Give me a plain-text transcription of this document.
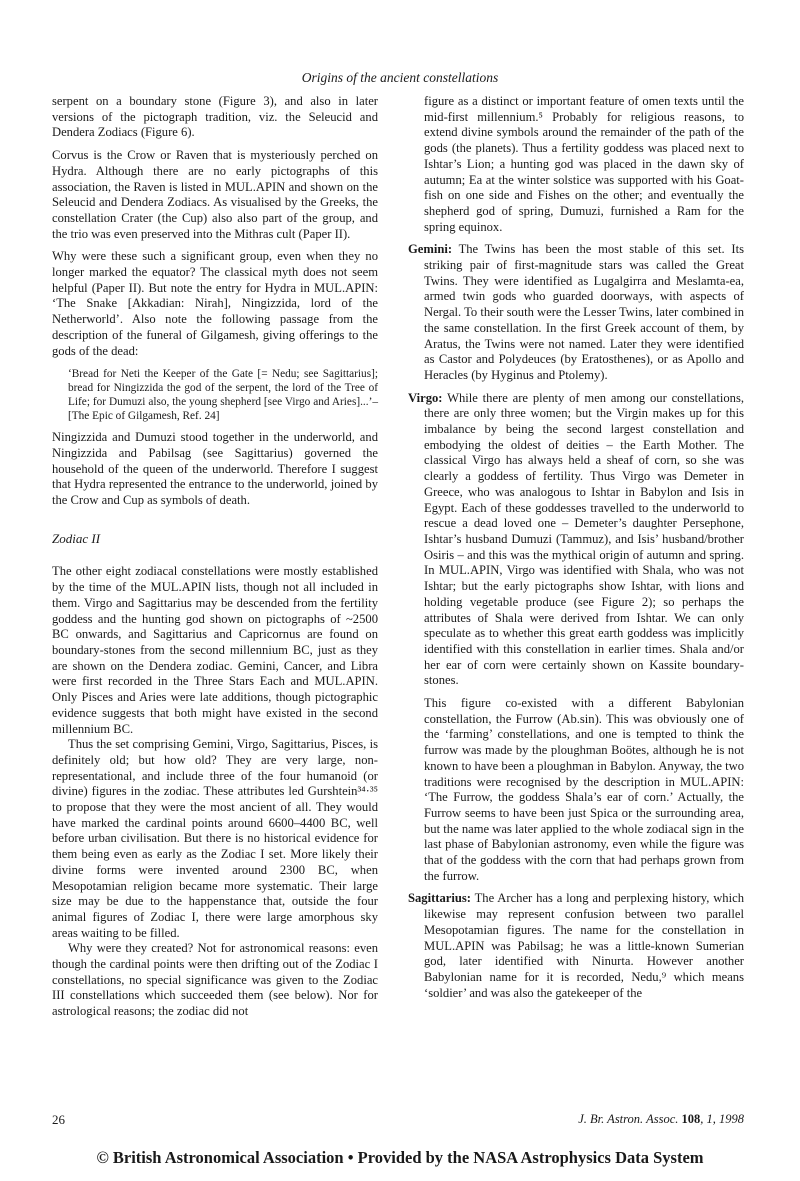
Origins of the ancient constellations

serpent on a boundary stone (Figure 3), and also in later versions of the pictograph tradition, viz. the Seleucid and Dendera Zodiacs (Figure 6).

Corvus is the Crow or Raven that is mysteriously perched on Hydra. Although there are no early pictographs of this association, the Raven is listed in MUL.APIN and shown on the Seleucid and Dendera Zodiacs. As visualised by the Greeks, the constellation Crater (the Cup) also also part of the group, and the trio was even preserved into the Mithras cult (Paper II).

Why were these such a significant group, even when they no longer marked the equator? The classical myth does not seem helpful (Paper II). But note the entry for Hydra in MUL.APIN: ‘The Snake [Akkadian: Nirah], Ningizzida, lord of the Netherworld’. Also note the following passage from the description of the funeral of Gilgamesh, giving offerings to the gods of the dead:

‘Bread for Neti the Keeper of the Gate [= Nedu; see Sagittarius]; bread for Ningizzida the god of the serpent, the lord of the Tree of Life; for Dumuzi also, the young shepherd [see Virgo and Aries]...’–[The Epic of Gilgamesh, Ref. 24]

Ningizzida and Dumuzi stood together in the underworld, and Ningizzida and Pabilsag (see Sagittarius) governed the household of the queen of the underworld. Therefore I suggest that Hydra represented the entrance to the underworld, joined by the Crow and Cup as symbols of death.

Zodiac II

The other eight zodiacal constellations were mostly established by the time of the MUL.APIN lists, though not all included in them. Virgo and Sagittarius may be descended from the fertility goddess and the hunting god shown on pictographs of ~2500 BC onwards, and Sagittarius and Capricornus are found on boundary-stones from the second millennium BC, just as they are shown on the Dendera zodiac. Gemini, Cancer, and Libra were first recorded in the Three Stars Each and MUL.APIN. Only Pisces and Aries were late additions, though pictographic evidence suggests that both might have existed in the second millennium BC.

Thus the set comprising Gemini, Virgo, Sagittarius, Pisces, is definitely old; but how old? They are very large, non-representational, and include three of the four humanoid (or divine) figures in the zodiac. These attributes led Gurshtein³⁴·³⁵ to propose that they were the most ancient of all. They would have marked the cardinal points around 6600–4400 BC, well before urban civilisation. But there is no historical evidence for them being even as early as the Zodiac I set. More likely their divine forms were invented around 2300 BC, when Mesopotamian religion became more systematic. Their large size may be due to the happenstance that, outside the four animal figures of Zodiac I, there were large amorphous sky areas waiting to be filled.

Why were they created? Not for astronomical reasons: even though the cardinal points were then drifting out of the Zodiac I constellations, no special significance was given to the Zodiac III constellations which succeeded them (see below). Nor for astrological reasons; the zodiac did not

figure as a distinct or important feature of omen texts until the mid-first millennium.⁵ Probably for religious reasons, to extend divine symbols around the remainder of the path of the gods (the planets). Thus a fertility goddess was placed next to Ishtar’s Lion; a hunting god was placed in the dawn sky of autumn; Ea at the winter solstice was supported with his Goat-fish on one side and Fishes on the other; and eventually the shepherd god of spring, Dumuzi, furnished a Ram for the spring equinox.

Gemini: The Twins has been the most stable of this set. Its striking pair of first-magnitude stars was called the Great Twins. They were identified as Lugalgirra and Meslamta-ea, armed twin gods who guarded doorways, with aspects of Nergal. To their south were the Lesser Twins, later combined in the same constellation. In the first Greek account of them, by Aratus, the Twins were not named. Later they were identified as Castor and Polydeuces (by Eratosthenes), or as Apollo and Heracles (by Hyginus and Ptolemy).

Virgo: While there are plenty of men among our constellations, there are only three women; but the Virgin makes up for this imbalance by being the second largest constellation and embodying the oldest of deities – the Earth Mother. The classical Virgo has always held a sheaf of corn, so she was clearly a goddess of fertility. Thus Virgo was Demeter in Greece, who was analogous to Ishtar in Babylon and Isis in Egypt. Each of these goddesses travelled to the underworld to rescue a dead loved one – Demeter’s daughter Persephone, Ishtar’s husband Dumuzi (Tammuz), and Isis’ husband/brother Osiris – and this was the mythical origin of autumn and spring. In MUL.APIN, Virgo was identified with Shala, who was not Ishtar; but the early pictographs show Ishtar, with lions and holding vegetable produce (see Figure 2); so perhaps the attributes of Shala were derived from Ishtar. We can only speculate as to whether this great earth goddess was implicitly identified with this constellation in earlier times. Shala and/or her ear of corn were certainly shown on Kassite boundary-stones.

This figure co-existed with a different Babylonian constellation, the Furrow (Ab.sin). This was obviously one of the ‘farming’ constellations, and one is tempted to think the furrow was made by the ploughman Boötes, although he is not known to have been a ploughman in Babylon. Anyway, the two traditions were recognised by the description in MUL.APIN: ‘The Furrow, the goddess Shala’s ear of corn.’ Actually, the Furrow seems to have been just Spica or the surrounding area, but the name was later applied to the whole zodiacal sign in the last phase of Babylonian astronomy, even while the figure was that of the goddess with the corn that had perhaps grown from the furrow.

Sagittarius: The Archer has a long and perplexing history, which likewise may represent confusion between two parallel Mesopotamian figures. The name for the constellation in MUL.APIN was Pabilsag; he was a little-known Sumerian god, later identified with Ninurta. However another Babylonian name for it is recorded, Nedu,⁹ which means ‘soldier’ and was also the gatekeeper of the

26	J. Br. Astron. Assoc. 108, 1, 1998
© British Astronomical Association • Provided by the NASA Astrophysics Data System
